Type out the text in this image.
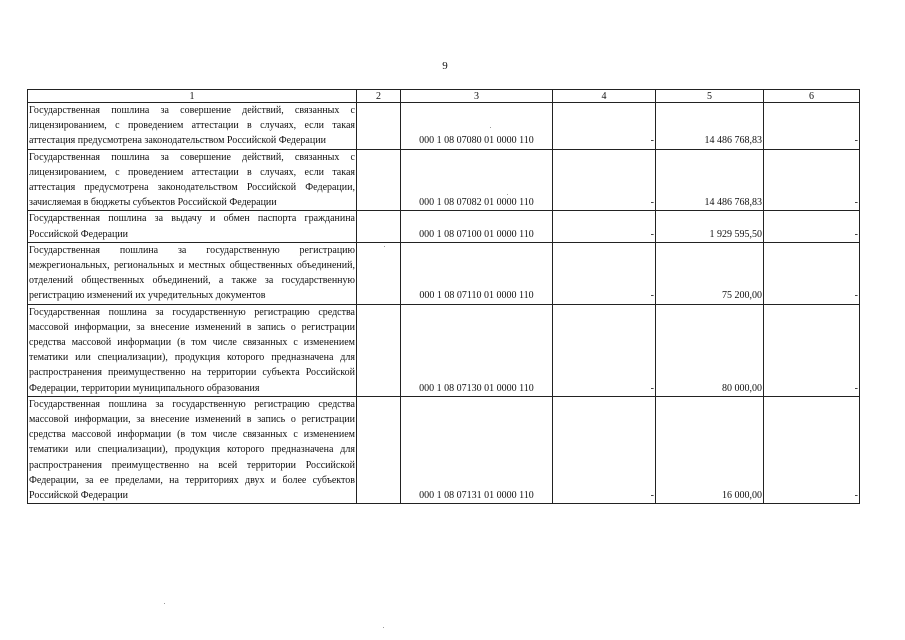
9
1	2	3	4	5	6
Государственная пошлина за совершение действий, связанных с лицензированием, с проведением аттестации в случаях, если такая аттестация предусмотрена законодательством Российской Федерации		000 1 08 07080 01 0000 110	-	14 486 768,83	-
Государственная пошлина за совершение действий, связанных с лицензированием, с проведением аттестации в случаях, если такая аттестация предусмотрена законодательством Российской Федерации, зачисляемая в бюджеты субъектов Российской Федерации		000 1 08 07082 01 0000 110	-	14 486 768,83	-
Государственная пошлина за выдачу и обмен паспорта гражданина Российской Федерации		000 1 08 07100 01 0000 110	-	1 929 595,50	-
Государственная пошлина за государственную регистрацию межрегиональных, региональных и местных общественных объединений, отделений общественных объединений, а также за государственную регистрацию изменений их учредительных документов		000 1 08 07110 01 0000 110	-	75 200,00	-
Государственная пошлина за государственную регистрацию средства массовой информации, за внесение изменений в запись о регистрации средства массовой информации (в том числе связанных с изменением тематики или специализации), продукция которого предназначена для распространения преимущественно на территории субъекта Российской Федерации, территории муниципального образования		000 1 08 07130 01 0000 110	-	80 000,00	-
Государственная пошлина за государственную регистрацию средства массовой информации, за внесение изменений в запись о регистрации средства массовой информации (в том числе связанных с изменением тематики или специализации), продукция которого предназначена для распространения преимущественно на всей территории Российской Федерации, за ее пределами, на территориях двух и более субъектов Российской Федерации		000 1 08 07131 01 0000 110	-	16 000,00	-
